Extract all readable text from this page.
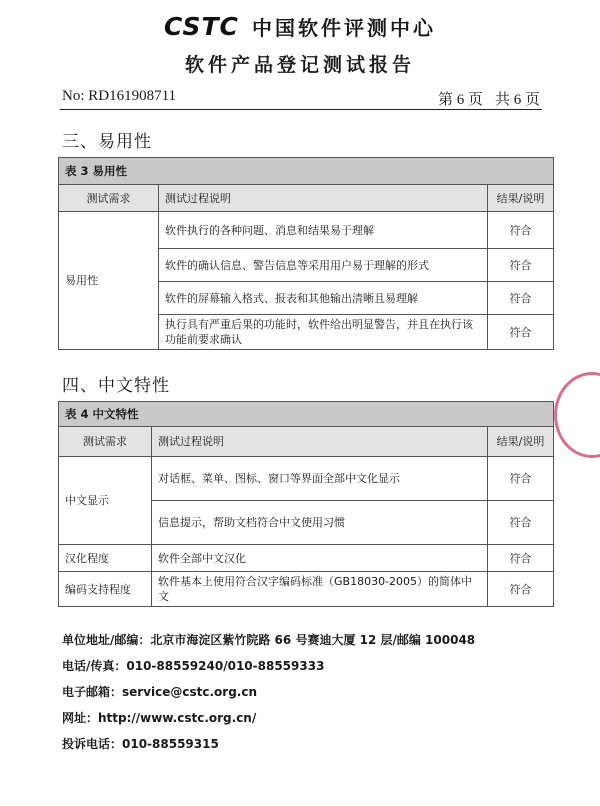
CSTC 中国软件评测中心
软件产品登记测试报告
No: RD161908711	第 6 页 共 6 页
三、易用性
表 3 易用性		
测试需求	测试过程说明	结果/说明
易用性	软件执行的各种问题、消息和结果易于理解	符合
	软件的确认信息、警告信息等采用用户易于理解的形式	符合
	软件的屏幕输入格式、报表和其他输出清晰且易理解	符合
	执行具有严重后果的功能时，软件给出明显警告，并且在执行该功能前要求确认	符合
四、中文特性
表 4 中文特性		
测试需求	测试过程说明	结果/说明
中文显示	对话框、菜单、图标、窗口等界面全部中文化显示	符合
	信息提示，帮助文档符合中文使用习惯	符合
汉化程度	软件全部中文汉化	符合
编码支持程度	软件基本上使用符合汉字编码标准（GB18030-2005）的简体中文	符合
单位地址/邮编：北京市海淀区紫竹院路 66 号赛迪大厦 12 层/邮编 100048
电话/传真：010-88559240/010-88559333
电子邮箱：service@cstc.org.cn
网址：http://www.cstc.org.cn/
投诉电话：010-88559315
